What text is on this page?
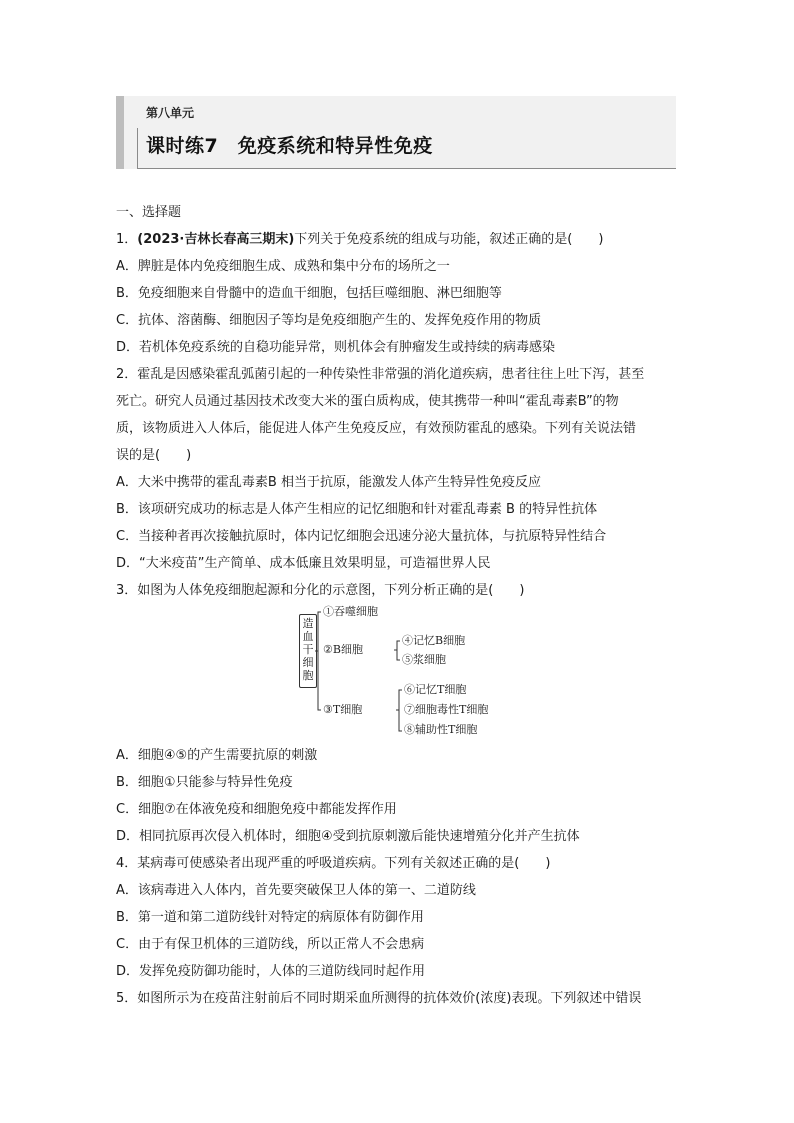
第八单元
课时练7　免疫系统和特异性免疫

一、选择题

1．(2023·吉林长春高三期末)下列关于免疫系统的组成与功能，叙述正确的是(　　)

A．脾脏是体内免疫细胞生成、成熟和集中分布的场所之一

B．免疫细胞来自骨髓中的造血干细胞，包括巨噬细胞、淋巴细胞等

C．抗体、溶菌酶、细胞因子等均是免疫细胞产生的、发挥免疫作用的物质

D．若机体免疫系统的自稳功能异常，则机体会有肿瘤发生或持续的病毒感染

2．霍乱是因感染霍乱弧菌引起的一种传染性非常强的消化道疾病，患者往往上吐下泻，甚至

死亡。研究人员通过基因技术改变大米的蛋白质构成，使其携带一种叫“霍乱毒素B”的物

质，该物质进入人体后，能促进人体产生免疫反应，有效预防霍乱的感染。下列有关说法错

误的是(　　)

A．大米中携带的霍乱毒素B 相当于抗原，能激发人体产生特异性免疫反应

B．该项研究成功的标志是人体产生相应的记忆细胞和针对霍乱毒素 B 的特异性抗体

C．当接种者再次接触抗原时，体内记忆细胞会迅速分泌大量抗体，与抗原特异性结合

D．“大米疫苗”生产简单、成本低廉且效果明显，可造福世界人民

3．如图为人体免疫细胞起源和分化的示意图，下列分析正确的是(　　)

造血干细胞
①吞噬细胞
②B细胞
④记忆B细胞
⑤浆细胞
③T细胞
⑥记忆T细胞
⑦细胞毒性T细胞
⑧辅助性T细胞

A．细胞④⑤的产生需要抗原的刺激

B．细胞①只能参与特异性免疫

C．细胞⑦在体液免疫和细胞免疫中都能发挥作用

D．相同抗原再次侵入机体时，细胞④受到抗原刺激后能快速增殖分化并产生抗体

4．某病毒可使感染者出现严重的呼吸道疾病。下列有关叙述正确的是(　　)

A．该病毒进入人体内，首先要突破保卫人体的第一、二道防线

B．第一道和第二道防线针对特定的病原体有防御作用

C．由于有保卫机体的三道防线，所以正常人不会患病

D．发挥免疫防御功能时，人体的三道防线同时起作用

5．如图所示为在疫苗注射前后不同时期采血所测得的抗体效价(浓度)表现。下列叙述中错误
